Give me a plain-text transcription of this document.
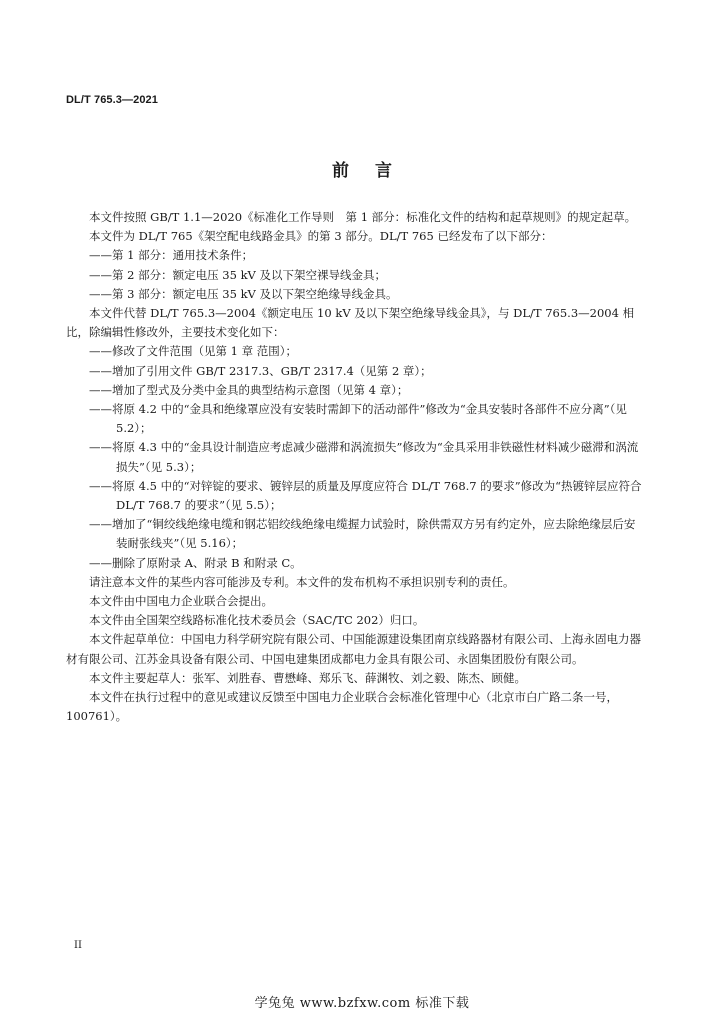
DL/T 765.3—2021
前言

本文件按照 GB/T 1.1—2020《标准化工作导则　第 1 部分：标准化文件的结构和起草规则》的规定起草。

本文件为 DL/T 765《架空配电线路金具》的第 3 部分。DL/T 765 已经发布了以下部分：

——第 1 部分：通用技术条件；

——第 2 部分：额定电压 35 kV 及以下架空裸导线金具；

——第 3 部分：额定电压 35 kV 及以下架空绝缘导线金具。

本文件代替 DL/T 765.3—2004《额定电压 10 kV 及以下架空绝缘导线金具》，与 DL/T 765.3—2004 相比，除编辑性修改外，主要技术变化如下：

——修改了文件范围（见第 1 章 范围）；

——增加了引用文件 GB/T 2317.3、GB/T 2317.4（见第 2 章）；

——增加了型式及分类中金具的典型结构示意图（见第 4 章）；

——将原 4.2 中的“金具和绝缘罩应没有安装时需卸下的活动部件”修改为“金具安装时各部件不应分离”（见 5.2）；

——将原 4.3 中的“金具设计制造应考虑减少磁滞和涡流损失”修改为“金具采用非铁磁性材料减少磁滞和涡流损失”（见 5.3）；

——将原 4.5 中的“对锌锭的要求、镀锌层的质量及厚度应符合 DL/T 768.7 的要求”修改为“热镀锌层应符合 DL/T 768.7 的要求”（见 5.5）；

——增加了“铜绞线绝缘电缆和钢芯铝绞线绝缘电缆握力试验时，除供需双方另有约定外，应去除绝缘层后安装耐张线夹”（见 5.16）；

——删除了原附录 A、附录 B 和附录 C。

请注意本文件的某些内容可能涉及专利。本文件的发布机构不承担识别专利的责任。

本文件由中国电力企业联合会提出。

本文件由全国架空线路标准化技术委员会（SAC/TC 202）归口。

本文件起草单位：中国电力科学研究院有限公司、中国能源建设集团南京线路器材有限公司、上海永固电力器材有限公司、江苏金具设备有限公司、中国电建集团成都电力金具有限公司、永固集团股份有限公司。

本文件主要起草人：张军、刘胜春、曹懋峰、郑乐飞、薛渊牧、刘之毅、陈杰、顾健。

本文件在执行过程中的意见或建议反馈至中国电力企业联合会标准化管理中心（北京市白广路二条一号，100761）。

II
学兔兔 www.bzfxw.com 标准下载
